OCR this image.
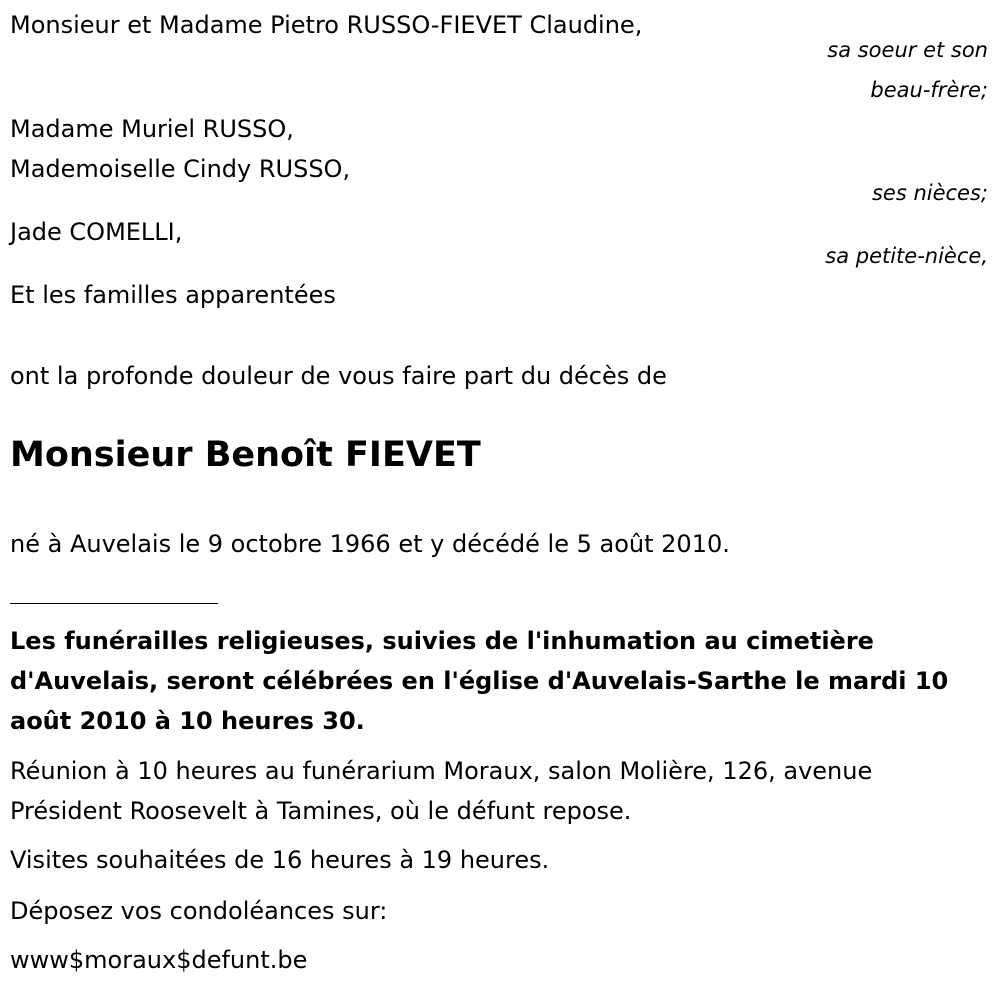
Monsieur et Madame Pietro RUSSO-FIEVET Claudine,
sa soeur et son
beau-frère;
Madame Muriel RUSSO,
Mademoiselle Cindy RUSSO,
ses nièces;
Jade COMELLI,
sa petite-nièce,
Et les familles apparentées
ont la profonde douleur de vous faire part du décès de
Monsieur Benoît FIEVET
né à Auvelais le 9 octobre 1966 et y décédé le 5 août 2010.
Les funérailles religieuses, suivies de l'inhumation au cimetière d'Auvelais, seront célébrées en l'église d'Auvelais-Sarthe le mardi 10 août 2010 à 10 heures 30.
Réunion à 10 heures au funérarium Moraux, salon Molière, 126, avenue Président Roosevelt à Tamines, où le défunt repose.
Visites souhaitées de 16 heures à 19 heures.
Déposez vos condoléances sur:
www$moraux$defunt.be
